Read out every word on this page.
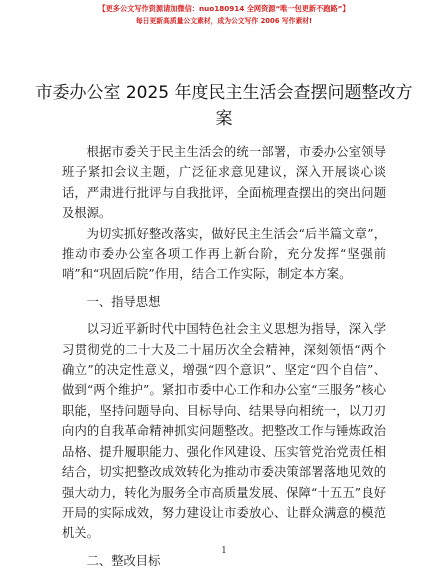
【更多公文写作资源请加微信：nuo180914 全网资源“唯一包更新不跑路”】
每日更新高质量公文素材，成为公文写作 2006 写作素材!
市委办公室 2025 年度民主生活会查摆问题整改方案

根据市委关于民主生活会的统一部署，市委办公室领导班子紧扣会议主题，广泛征求意见建议，深入开展谈心谈话，严肃进行批评与自我批评，全面梳理查摆出的突出问题及根源。

为切实抓好整改落实，做好民主生活会“后半篇文章”，推动市委办公室各项工作再上新台阶，充分发挥“坚强前哨”和“巩固后院”作用，结合工作实际，制定本方案。

一、指导思想

以习近平新时代中国特色社会主义思想为指导，深入学习贯彻党的二十大及二十届历次全会精神，深刻领悟“两个确立”的决定性意义，增强“四个意识”、坚定“四个自信”、做到“两个维护”。紧扣市委中心工作和办公室“三服务”核心职能，坚持问题导向、目标导向、结果导向相统一，以刀刃向内的自我革命精神抓实问题整改。把整改工作与锤炼政治品格、提升履职能力、强化作风建设、压实管党治党责任相结合，切实把整改成效转化为推动市委决策部署落地见效的强大动力，转化为服务全市高质量发展、保障“十五五”良好开局的实际成效，努力建设让市委放心、让群众满意的模范机关。

二、整改目标

1
